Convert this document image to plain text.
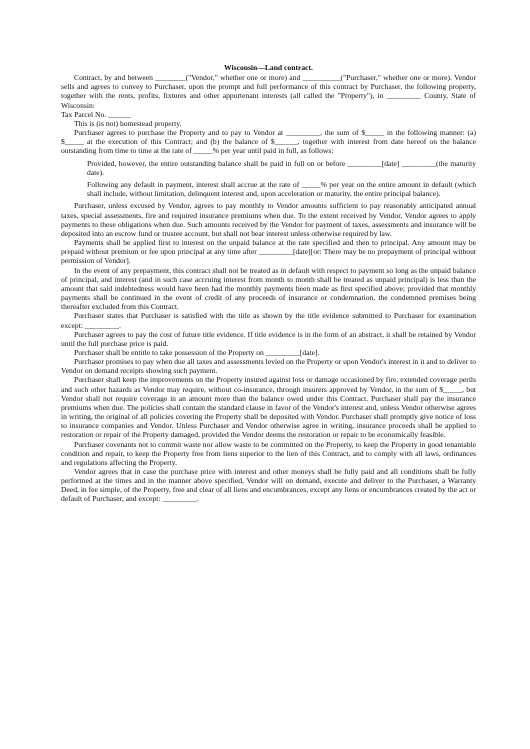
Wisconsin—Land contract.

Contract, by and between ________("Vendor," whether one or more) and __________("Purchaser," whether one or more). Vendor sells and agrees to convey to Purchaser, upon the prompt and full performance of this contract by Purchaser, the following property, together with the rents, profits, fixtures and other appurtenant interests (all called the "Property"), in _________ County, State of Wisconsin:

Tax Parcel No. ______

This is (is not) homestead property.

Purchaser agrees to purchase the Property and to pay to Vendor at _________, the sum of $_____ in the following manner: (a) $_____ at the execution of this Contract; and (b) the balance of $______, together with interest from date hereof on the balance outstanding from time to time at the rate of _____% per year until paid in full, as follows:

Provided, however, the entire outstanding balance shall be paid in full on or before _________[date] _________(the maturity date).

Following any default in payment, interest shall accrue at the rate of _____% per year on the entire amount in default (which shall include, without limitation, delinquent interest and, upon acceleration or maturity, the entire principal balance).

Purchaser, unless excused by Vendor, agrees to pay monthly to Vendor amounts sufficient to pay reasonably anticipated annual taxes, special assessments, fire and required insurance premiums when due. To the extent received by Vendor, Vendor agrees to apply payments to these obligations when due. Such amounts received by the Vendor for payment of taxes, assessments and insurance will be deposited into an escrow fund or trustee account, but shall not bear interest unless otherwise required by law.

Payments shall be applied first to interest on the unpaid balance at the rate specified and then to principal. Any amount may be prepaid without premium or fee upon principal at any time after _________[date][or: There may be no prepayment of principal without permission of Vendor].

In the event of any prepayment, this contract shall not be treated as in default with respect to payment so long as the unpaid balance of principal, and interest (and in such case accruing interest from month to month shall be treated as unpaid principal) is less than the amount that said indebtedness would have been had the monthly payments been made as first specified above; provided that monthly payments shall be continued in the event of credit of any proceeds of insurance or condemnation, the condemned premises being thereafter excluded from this Contract.

Purchaser states that Purchaser is satisfied with the title as shown by the title evidence submitted to Purchaser for examination except: _________.

Purchaser agrees to pay the cost of future title evidence. If title evidence is in the form of an abstract, it shall be retained by Vendor until the full purchase price is paid.

Purchaser shall be entitle to take possession of the Property on _________[date].

Purchaser promises to pay when due all taxes and assessments levied on the Property or upon Vendor's interest in it and to deliver to Vendor on demand receipts showing such payment.

Purchaser shall keep the improvements on the Property insured against loss or damage occasioned by fire, extended coverage perils and such other hazards as Vendor may require, without co-insurance, through insurers approved by Vendor, in the sum of $_____, but Vendor shall not require coverage in an amount more than the balance owed under this Contract. Purchaser shall pay the insurance premiums when due. The policies shall contain the standard clause in favor of the Vendor's interest and, unless Vendor otherwise agrees in writing, the original of all policies covering the Property shall be deposited with Vendor. Purchaser shall promptly give notice of loss to insurance companies and Vendor. Unless Purchaser and Vendor otherwise agree in writing, insurance proceeds shall be applied to restoration or repair of the Property damaged, provided the Vendor deems the restoration or repair to be economically feasible.

Purchaser covenants not to commit waste nor allow waste to be committed on the Property, to keep the Property in good tenantable condition and repair, to keep the Property free from liens superior to the lien of this Contract, and to comply with all laws, ordinances and regulations affecting the Property.

Vendor agrees that in case the purchase price with interest and other moneys shall be fully paid and all conditions shall be fully performed at the times and in the manner above specified, Vendor will on demand, execute and deliver to the Purchaser, a Warranty Deed, in fee simple, of the Property, free and clear of all liens and encumbrances, except any liens or encumbrances created by the act or default of Purchaser, and except: _________.
